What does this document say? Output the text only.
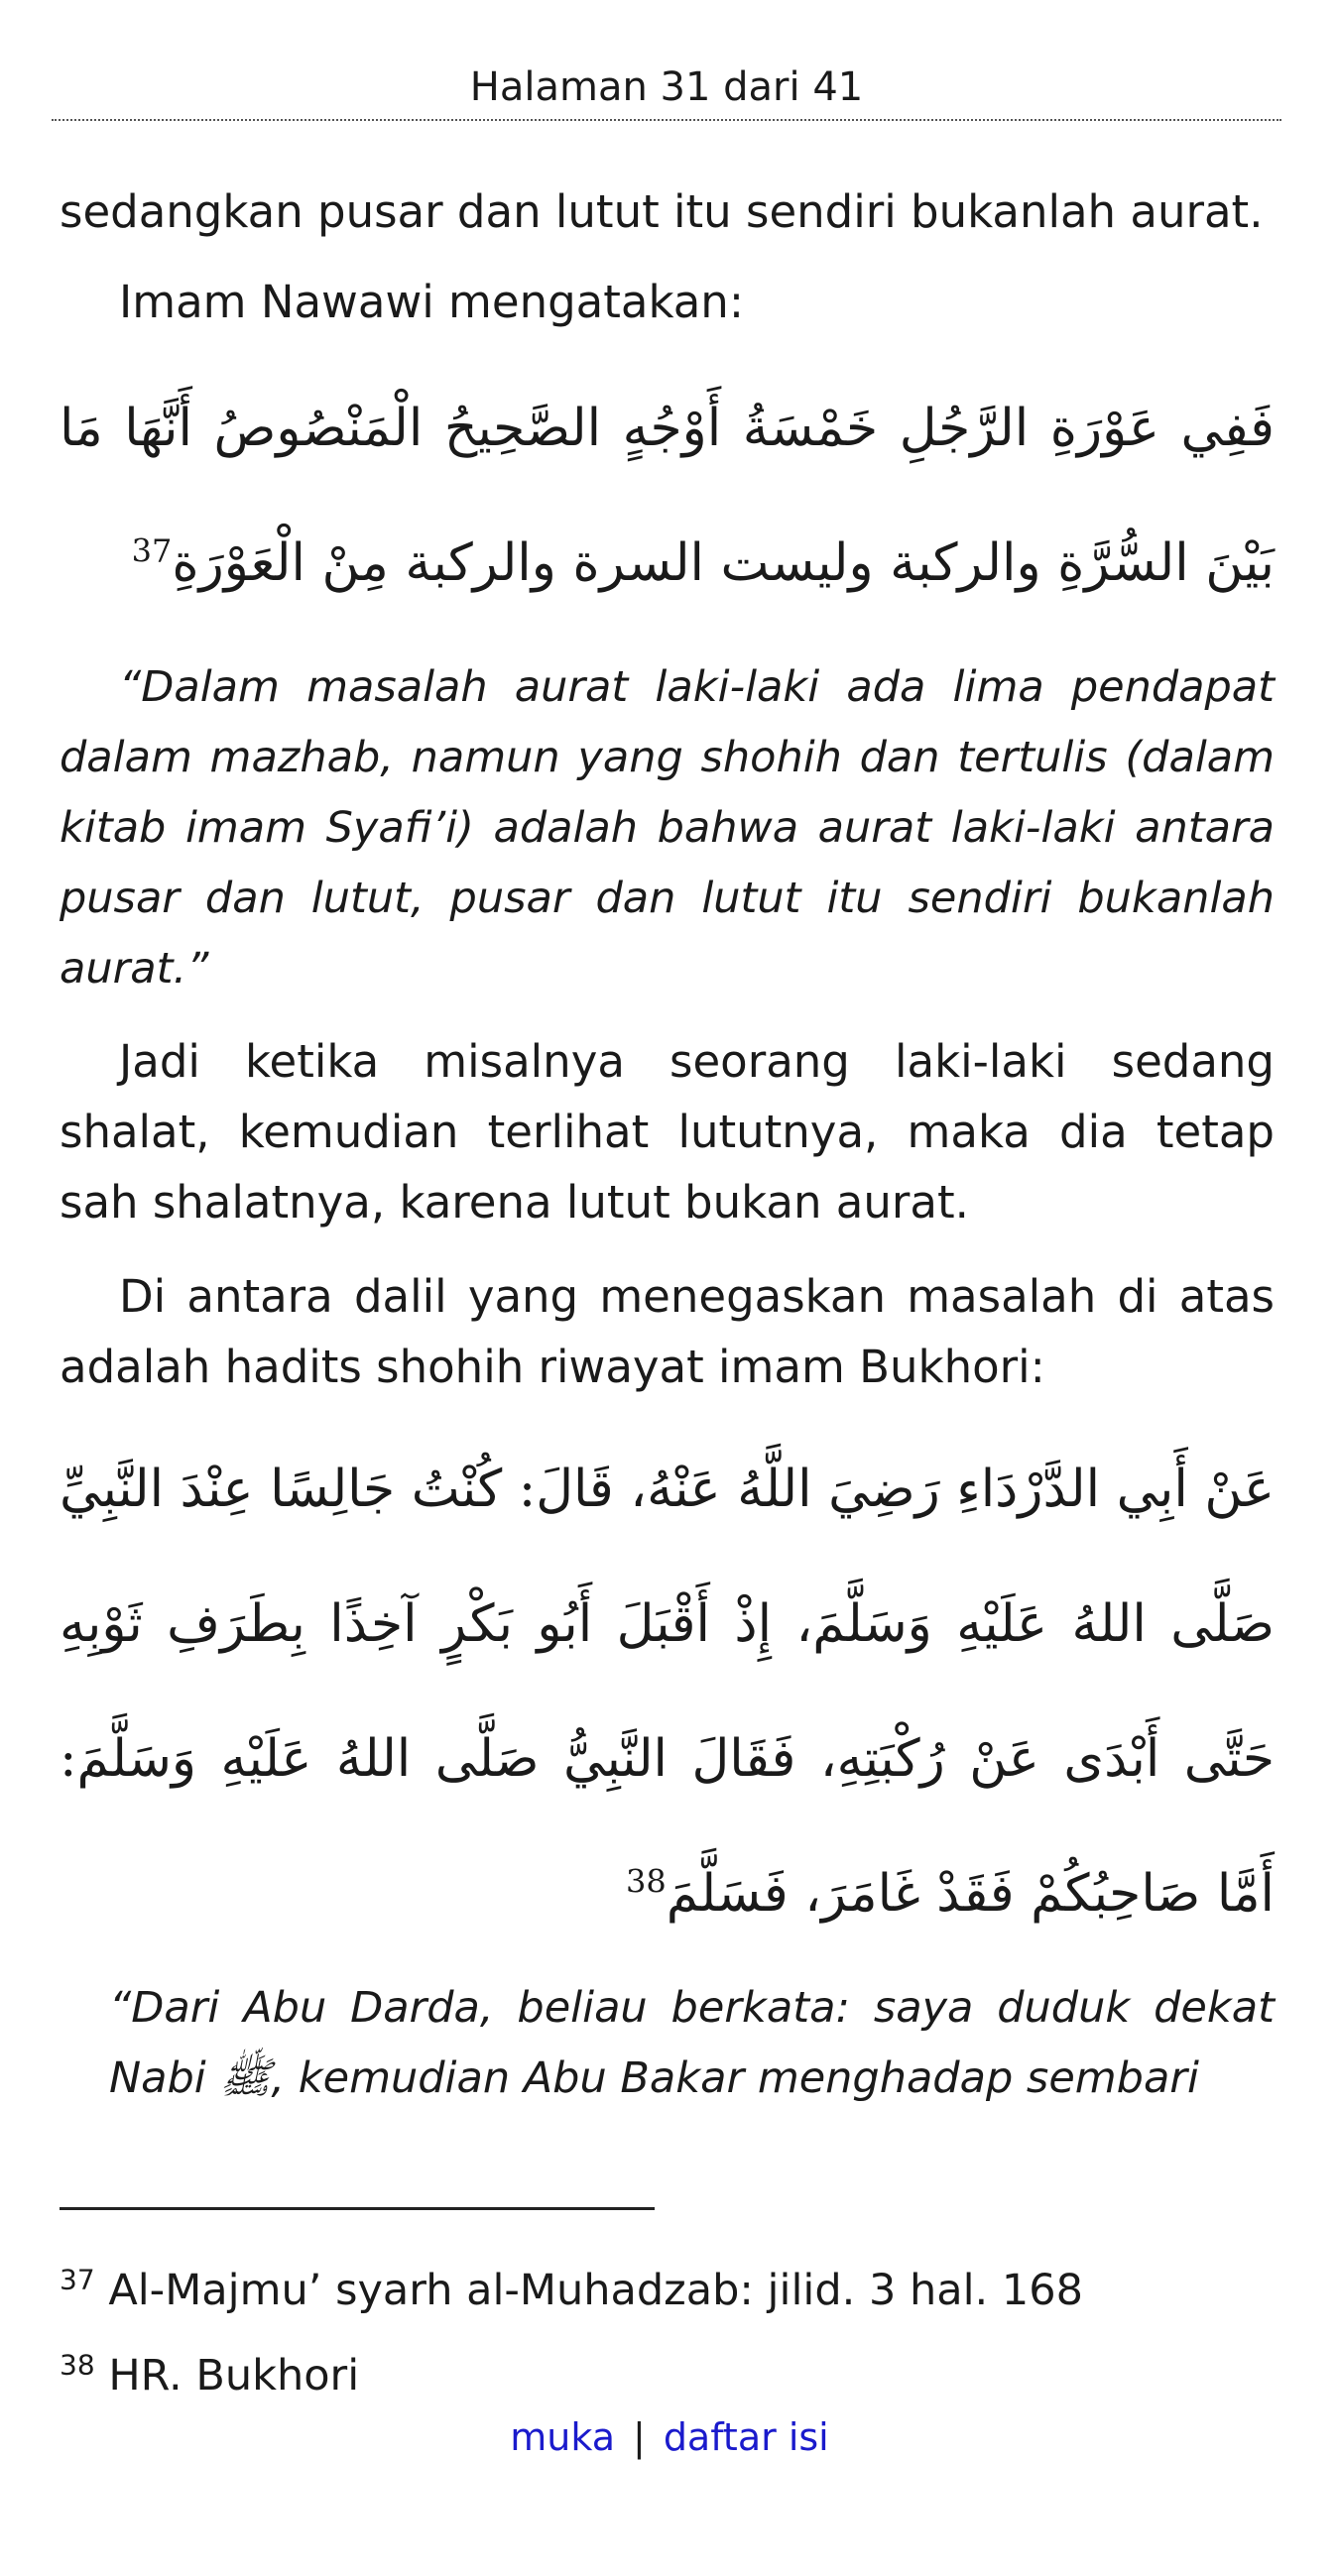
Halaman 31 dari 41

sedangkan pusar dan lutut itu sendiri bukanlah aurat.

Imam Nawawi mengatakan:

فَفِي عَوْرَةِ الرَّجُلِ خَمْسَةُ أَوْجُهٍ الصَّحِيحُ الْمَنْصُوصُ أَنَّهَا مَا بَيْنَ السُّرَّةِ والركبة وليست السرة والركبة مِنْ الْعَوْرَةِ$^{37}$

“Dalam masalah aurat laki-laki ada lima pendapat dalam mazhab, namun yang shohih dan tertulis (dalam kitab imam Syafi’i) adalah bahwa aurat laki-laki antara pusar dan lutut, pusar dan lutut itu sendiri bukanlah aurat.”

Jadi ketika misalnya seorang laki-laki sedang shalat, kemudian terlihat lututnya, maka dia tetap sah shalatnya, karena lutut bukan aurat.

Di antara dalil yang menegaskan masalah di atas adalah hadits shohih riwayat imam Bukhori:

عَنْ أَبِي الدَّرْدَاءِ رَضِيَ اللَّهُ عَنْهُ، قَالَ: كُنْتُ جَالِسًا عِنْدَ النَّبِيِّ صَلَّى اللهُ عَلَيْهِ وَسَلَّمَ، إِذْ أَقْبَلَ أَبُو بَكْرٍ آخِذًا بِطَرَفِ ثَوْبِهِ حَتَّى أَبْدَى عَنْ رُكْبَتِهِ، فَقَالَ النَّبِيُّ صَلَّى اللهُ عَلَيْهِ وَسَلَّمَ: أَمَّا صَاحِبُكُمْ فَقَدْ غَامَرَ، فَسَلَّمَ$^{38}$

“Dari Abu Darda, beliau berkata: saya duduk dekat Nabi ﷺ, kemudian Abu Bakar menghadap sembari

$^{37}$ Al-Majmu’ syarh al-Muhadzab: jilid. 3 hal. 168
$^{38}$ HR. Bukhori
muka | daftar isi
